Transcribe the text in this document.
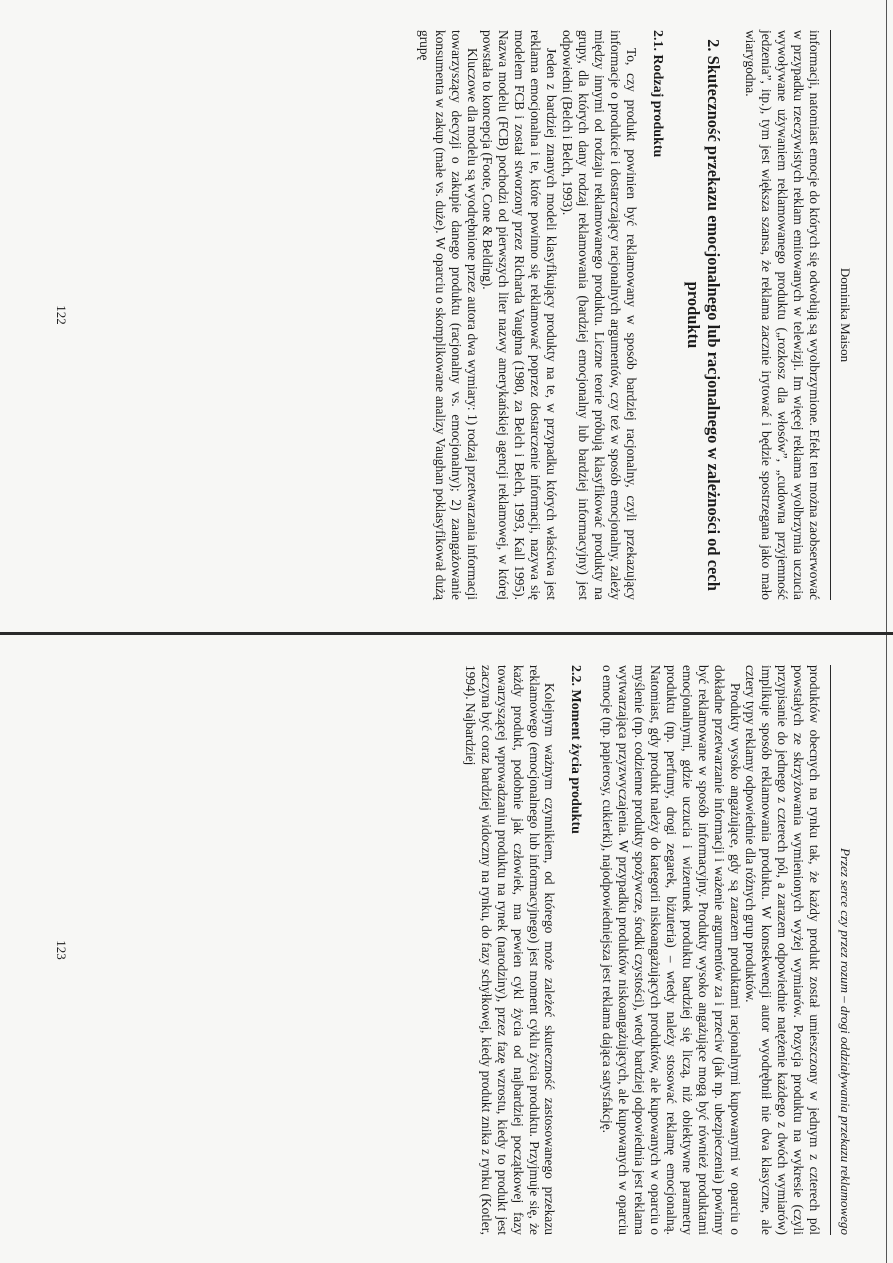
Dominika Maison

informacji, natomiast emocje do których się odwołują są wyolbrzymione. Efekt ten można zaobserwować w przypadku rzeczywistych reklam emitowanych w telewizji. Im więcej reklama wyolbrzymia uczucia wywoływane używaniem reklamowanego produktu („rozkosz dla włosów”, „cudowna przyjemność jedzenia”, itp.), tym jest większa szansa, że reklama zacznie irytować i będzie spostrzegana jako mało wiarygodna.

2. Skuteczność przekazu emocjonalnego lub racjonalnego w zależności od cech produktu
2.1. Rodzaj produktu

To, czy produkt powinien być reklamowany w sposób bardziej racjonalny, czyli przekazujący informacje o produkcie i dostarczający racjonalnych argumentów, czy też w sposób emocjonalny, zależy między innymi od rodzaju reklamowanego produktu. Liczne teorie próbują klasyfikować produkty na grupy, dla których dany rodzaj reklamowania (bardziej emocjonalny lub bardziej informacyjny) jest odpowiedni (Belch i Belch, 1993).

Jeden z bardziej znanych modeli klasyfikujący produkty na te, w przypadku których właściwa jest reklama emocjonalna i te, które powinno się reklamować poprzez dostarczenie informacji, nazywa się modelem FCB i został stworzony przez Richarda Vaughna (1980, za Belch i Belch, 1993, Kall 1995). Nazwa modelu (FCB) pochodzi od pierwszych liter nazwy amerykańskiej agencji reklamowej, w której powstała to koncepcja (Foote, Cone & Belding).

Kluczowe dla modelu są wyodrębnione przez autora dwa wymiary: 1) rodzaj przetwarzania informacji towarzyszący decyzji o zakupie danego produktu (racjonalny vs. emocjonalny); 2) zaangażowanie konsumenta w zakup (małe vs. duże). W oparciu o skomplikowane analizy Vaughan poklasyfikował dużą grupę

122
Przez serce czy przez rozum – drogi oddziaływania przekazu reklamowego

produktów obecnych na rynku tak, że każdy produkt został umieszczony w jednym z czterech pól powstałych ze skrzyżowania wymienionych wyżej wymiarów. Pozycja produktu na wykresie (czyli przypisanie do jednego z czterech pól, a zarazem odpowiednie natężenie każdego z dwóch wymiarów) implikuje sposób reklamowania produktu. W konsekwencji autor wyodrębnił nie dwa klasyczne, ale cztery typy reklamy odpowiednie dla różnych grup produktów.

Produkty wysoko angażujące, gdy są zarazem produktami racjonalnymi kupowanymi w oparciu o dokładne przetwarzanie informacji i ważenie argumentów za i przeciw (jak np. ubezpieczenia) powinny być reklamowane w sposób informacyjny. Produkty wysoko angażujące mogą być również produktami emocjonalnymi, gdzie uczucia i wizerunek produktu bardziej się liczą, niż obiektywne parametry produktu (np. perfumy, drogi zegarek, biżuteria) – wtedy należy stosować reklamę emocjonalną. Natomiast, gdy produkt należy do kategorii niskoangażujących produktów, ale kupowanych w oparciu o myślenie (np. codzienne produkty spożywcze, środki czystości), wtedy bardziej odpowiednia jest reklama wytwarzająca przyzwyczajenia. W przypadku produktów niskoangażujących, ale kupowanych w oparciu o emocje (np. papierosy, cukierki), najodpowiedniejsza jest reklama dająca satysfakcję.

2.2. Moment życia produktu

Kolejnym ważnym czynnikiem, od którego może zależeć skuteczność zastosowanego przekazu reklamowego (emocjonalnego lub informacyjnego) jest moment cyklu życia produktu. Przyjmuje się, że każdy produkt, podobnie jak człowiek, ma pewien cykl życia od najbardziej początkowej fazy towarzyszącej wprowadzaniu produktu na rynek (narodziny), przez fazę wzrostu, kiedy to produkt jest zaczyna być coraz bardziej widoczny na rynku, do fazy schyłkowej, kiedy produkt znika z rynku (Kotler, 1994). Najbardziej

123
